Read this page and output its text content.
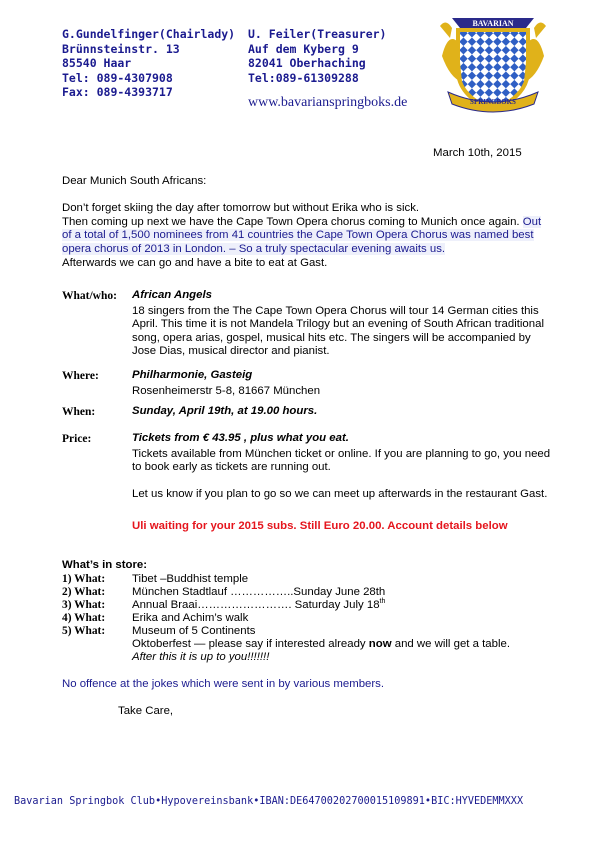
G.Gundelfinger(Chairlady)
Brünnsteinstr. 13
85540 Haar
Tel: 089-4307908
Fax: 089-4393717
U. Feiler(Treasurer)
Auf dem Kyberg 9
82041 Oberhaching
Tel:089-61309288
www.bavarianspringboks.de
BAVARIAN
SPRINGBOKS
March 10th, 2015

Dear Munich South Africans:

Don’t forget skiing the day after tomorrow but without Erika who is sick.

Then coming up next we have the Cape Town Opera chorus coming to Munich once again. Out of a total of 1,500 nominees from 41 countries the Cape Town Opera Chorus was named best opera chorus of 2013 in London. – So a truly spectacular evening awaits us.

Afterwards we can go and have a bite to eat at Gast.

What/who: African Angels
18 singers from the The Cape Town Opera Chorus will tour 14 German cities this April. This time it is not Mandela Trilogy but an evening of South African traditional song, opera arias, gospel, musical hits etc. The singers will be accompanied by Jose Dias, musical director and pianist.
Where:	Philharmonie, Gasteig
Rosenheimerstr 5-8, 81667 München
When:	Sunday, April 19th, at 19.00 hours.
Price:	Tickets from € 43.95 , plus what you eat.
Tickets available from München ticket or online. If you are planning to go, you need to book early as tickets are running out.
Let us know if you plan to go so we can meet up afterwards in the restaurant Gast.
Uli waiting for your 2015 subs. Still Euro 20.00. Account details below
What’s in store:
1) What: Tibet –Buddhist temple
2) What: München Stadtlauf ……………..Sunday June 28th
3) What: Annual Braai……………………. Saturday July 18th
4) What: Erika and Achim’s walk
5) What: Museum of 5 Continents
Oktoberfest — please say if interested already now and we will get a table.
After this it is up to you!!!!!!!
No offence at the jokes which were sent in by various members.
Take Care,
Bavarian Springbok Club•Hypovereinsbank•IBAN:DE64700202700015109891•BIC:HYVEDEMMXXX
